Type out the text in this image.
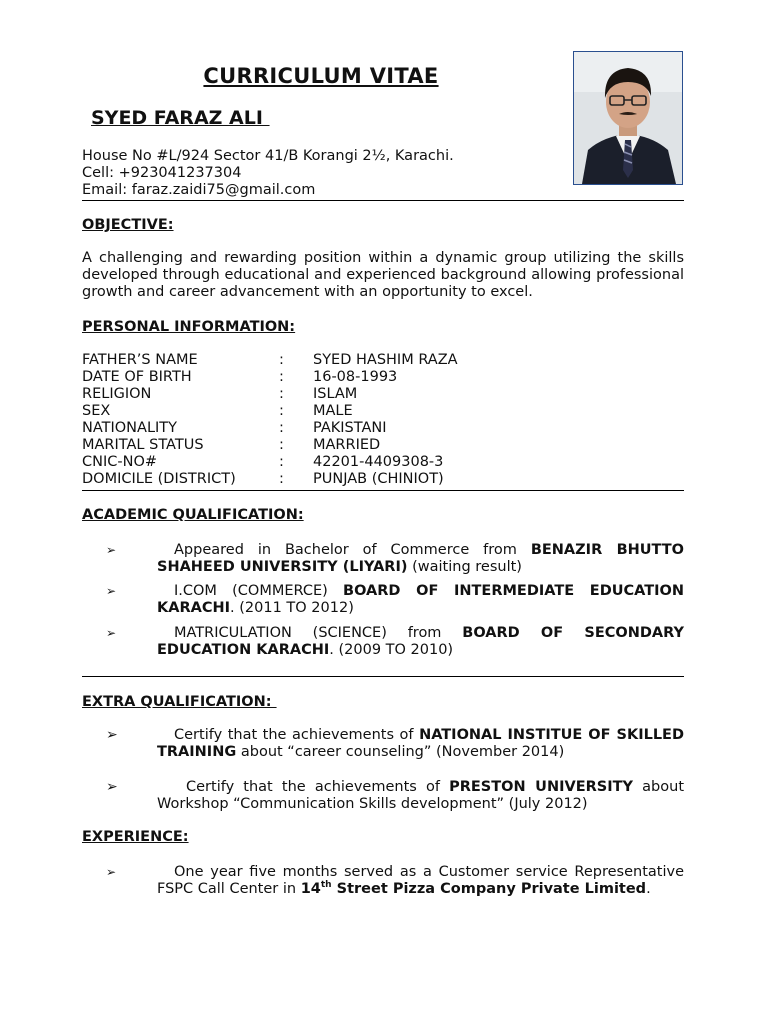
CURRICULUM VITAE
SYED FARAZ ALI
House No #L/924 Sector 41/B Korangi 2½, Karachi.
Cell: +923041237304
Email: faraz.zaidi75@gmail.com
OBJECTIVE:
A challenging and rewarding position within a dynamic group utilizing the skills developed through educational and experienced background allowing professional growth and career advancement with an opportunity to excel.
PERSONAL INFORMATION:
FATHER’S NAME	: SYED HASHIM RAZA
DATE OF BIRTH	: 16-08-1993
RELIGION	: ISLAM
SEX	: MALE
NATIONALITY	: PAKISTANI
MARITAL STATUS	: MARRIED
CNIC-NO#	: 42201-4409308-3
DOMICILE (DISTRICT)	: PUNJAB (CHINIOT)
ACADEMIC QUALIFICATION:
➢	Appeared in Bachelor of Commerce from BENAZIR BHUTTO SHAHEED UNIVERSITY (LIYARI) (waiting result)
➢	I.COM (COMMERCE) BOARD OF INTERMEDIATE EDUCATION KARACHI. (2011 TO 2012)
➢	MATRICULATION (SCIENCE) from BOARD OF SECONDARY EDUCATION KARACHI. (2009 TO 2010)
EXTRA QUALIFICATION:
➢	Certify that the achievements of NATIONAL INSTITUE OF SKILLED TRAINING about “career counseling” (November 2014)
➢	Certify that the achievements of PRESTON UNIVERSITY about Workshop “Communication Skills development” (July 2012)
EXPERIENCE:
➢	One year five months served as a Customer service Representative FSPC Call Center in 14th Street Pizza Company Private Limited.
